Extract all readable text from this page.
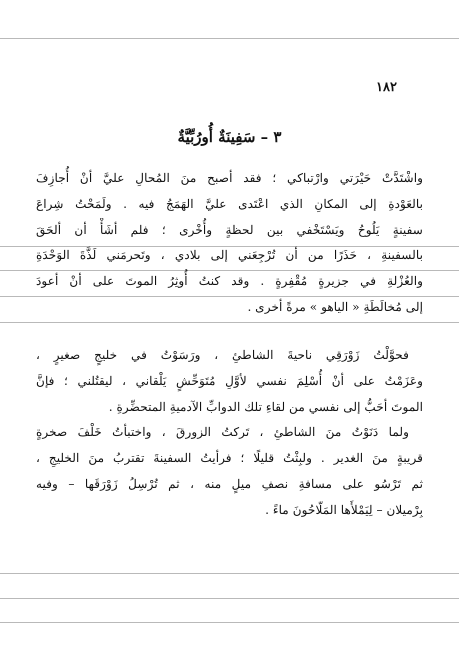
١٨٢
٣ – سَفِينَةٌ أُورُبِّيَّةٌ
واشْتَدَّتْ حَيْرَتي وارْتباكي ؛ فقد أصبح منَ المُحالِ عليَّ أنْ أُجازِفَ
بالعَوْدةِ إلى المكانِ الذي اعْتَدى عليَّ الهَمَجُ فيه . ولَمَحْتُ شِراعَ
سفينةٍ يَلُوحُ ويَسْتَخْفي بين لحظةٍ وأُخْرى ؛ فلم أشَأْ أن ألحَقَ
بالسفينةِ ، حَذَرًا من أن تُرْجِعَني إلى بلادي ، وتَحرمَني لَذَّةَ الوَحْدَةِ
والعُزْلةِ في جزيرةٍ مُقْفِرةٍ . وقد كنتُ أُوثِرُ الموتَ على أنْ أعودَ
إلى مُخالَطَةِ « الياهو » مرةً أخرى .
فحوَّلْتُ زَوْرَقِي ناحيةَ الشاطئِ ، ورَسَوْتُ في خليجٍ صغيرٍ ،
وعَزَمْتُ على أنْ أُسْلِمَ نفسي لأوَّلِ مُتَوَحِّشٍ يَلْقاني ، ليقتُلني ؛ فإنَّ
الموتَ أحَبُّ إلى نفسي من لقاءِ تلك الدوابِّ الآدميةِ المتحضِّرةِ .
ولما دَنَوْتُ منَ الشاطئِ ، تَركتُ الزورقَ ، واختبأتُ خَلْفَ صخرةٍ
قريبةٍ منَ الغدير . ولبِثْتُ قليلًا ؛ فرأيتُ السفينةَ تقتربُ منَ الخليجِ ،
ثم تَرْسُو على مسافةِ نصفِ ميلٍ منه ، ثم تُرْسِلُ زَوْرَقَها – وفيه
بِرْميلان – لِيَمْلأَها المَلّاحُونَ ماءً .
